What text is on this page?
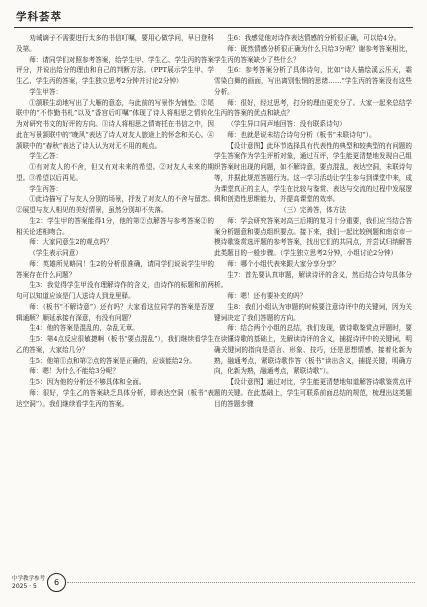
学科荟萃

劝诫谪子不需要进行太多的书信叮嘱，要用心做学问，早日登科及第。

师：请同学们对照参考答案，给学生甲、学生乙、学生丙的答案评分，并说出给分的理由和自己的判断方法。（PPT展示学生甲、学生乙、学生丙的答案，学生独立思考2分钟并讨论2分钟）

学生甲答：

①颔联生动地写出了大雁的意态，与此前的写景作为铺垫。②尾联中的“不作勤书札”以及“香宫后叮嘱”体现了诗人将相思之情转化为对研究书文的好评的方向。③诗人将相思之情寄托在书信之中，因此在写景颔联中的“晚风”表达了诗人对友人旅途上的怀念和关心。④颔联中的“春秋”表达了诗人认为对无不用的观点。

学生乙答：

①有对友人的不舍，但又有对未来的希望。②对友人未来的期望。③希望以后再见。

学生丙答：

①此诗描写了与友人分别的场景，抒发了对友人的不舍与留恋。②展望与友人相见的美好情景，虽然分别却不失落。

生2：学生甲的答案能得1分，他的第②点解答与参考答案②的相关论述相吻合。

师：大家同意生2的观点吗？

（学生表示同意）

师：英雄所见略同！生2的分析很准确，请同学们说说学生甲的答案存在什么问题？

生3：我觉得学生甲没有理解诗作的含义，由诗作的标题和前两句可以知道应该是门人送诗人到龙里驿。

师：（板书“不解诗意”）还有吗？大家看这位同学的答案是否逻辑通顺？顺延承接有深意，有没有问题？

生4：他的答案是混乱的，杂乱无章。

生5：第4点反应很敏捷啊（板书“要点混乱”），我们继续看学生乙的答案，大家给几分？

生5：他第①点和第②点的答案是正确的，应该能给2分。

师：嗯！为什么不能给3分呢？

生5：因为他的分析还不够具体和全面。

师：很好，学生乙的答案缺乏具体分析，即表达空洞（板书“表达空洞”）。我们继续看学生丙的答案。

生6：我感觉他对诗作表达情感的分析很正确，可以给4分。

师：既然情感分析很正确为什么只给3分呢？谢参考答案相比，学生丙的答案缺少了些什么？

生6：参考答案分析了具体诗句，比如“诗人描绘溪云压天，霜雪染白舞的画面，写出离别怅惘的思绪……”学生丙的答案没有这些分析。

师：很好，经过思考，打分的理由更充分了。大家一起来总结学生丙的答案的优点和缺点？

（学生异口同声地回答：没有联系诗句）

师：也就是说未结合诗句分析（板书“未联诗句”）。

【设计意图】此环节选择具有代表性的典型和较典型的有问题的学生答案作为学生评析对象，通过互评，学生能更清楚地发现自己组织答案时出现的问题，如不解诗意，要点混乱，表达空洞，未联诗句等，并据此规范答题行为。这一学习活动让学生参与到课堂中来，成为课堂真正的主人，学生在比较与鉴赏、表达与交流的过程中发展逻辑和创造性思维能力，并提高课堂的效率。

（三）完善答，体方法

师：学会研究答案对高三后期的复习十分重要，我们应当结合答案分析题意和要点组织要点。接下来，我们一起比较例题和南京市一模诗歌鉴赏选评题的参考答案，找出它们的共同点，并尝试归纳解答此类题目的一般步骤。（学生独立思考2分钟，小组讨论2分钟）

师：哪个小组代表来跟大家分享分享？

生7：首先要认真审题，解读诗评的含义，然后结合诗句具体分析。

师：嗯！还有要补充的吗？

生8：我们小组认为审题的时候要注意诗评中的关键词，因为关键词决定了我们答题的方向。

师：结合两个小组的总结，我们发现，做诗歌鉴赏点评题时，要在读懂诗歌的基础上，先解读诗评的含义，捕捉诗评中的关键词，明确关键词的指向是语言、形象、技巧，还是思想情感，接着化新为熟，融通考点，紧联诗歌作答（板书“读出含义，捕捉关键，明确方向，化新为熟，融通考点，紧联诗歌”）。

【设计意图】通过对比，学生能更清楚地知道解答诗歌鉴赏点评题的关键。在此基础上，学生可联系前面总结的规范，梳理出这类题目的答题步骤

中学教学参考
2025 · 5	6
